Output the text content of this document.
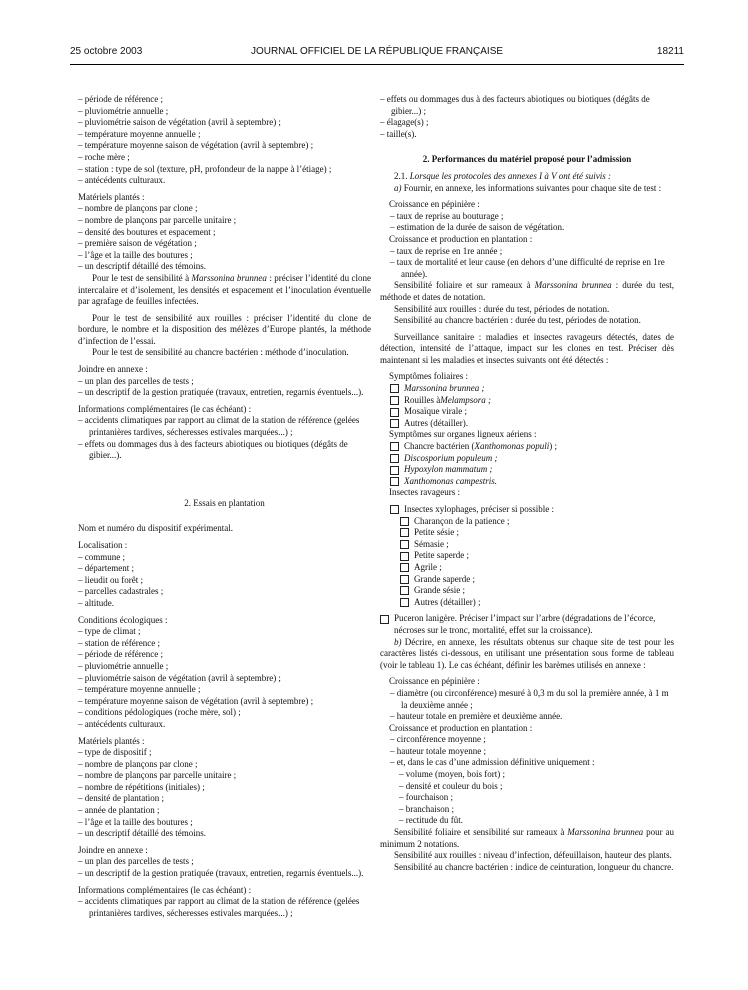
25 octobre 2003	JOURNAL OFFICIEL DE LA RÉPUBLIQUE FRANÇAISE	18211
– période de référence ;
– pluviométrie annuelle ;
– pluviométrie saison de végétation (avril à septembre) ;
– température moyenne annuelle ;
– température moyenne saison de végétation (avril à septembre) ;
– roche mère ;
– station : type de sol (texture, pH, profondeur de la nappe à l’étiage) ;
– antécédents culturaux.
Matériels plantés :
– nombre de plançons par clone ;
– nombre de plançons par parcelle unitaire ;
– densité des boutures et espacement ;
– première saison de végétation ;
– l’âge et la taille des boutures ;
– un descriptif détaillé des témoins.
Pour le test de sensibilité à Marssonina brunnea : préciser l’identité du clone intercalaire et d’isolement, les densités et espacement et l’inoculation éventuelle par agrafage de feuilles infectées.
Pour le test de sensibilité aux rouilles : préciser l’identité du clone de bordure, le nombre et la disposition des mélèzes d’Europe plantés, la méthode d’infection de l’essai.
Pour le test de sensibilité au chancre bactérien : méthode d’inoculation.
Joindre en annexe :
– un plan des parcelles de tests ;
– un descriptif de la gestion pratiquée (travaux, entretien, regarnis éventuels...).
Informations complémentaires (le cas échéant) :
– accidents climatiques par rapport au climat de la station de référence (gelées printanières tardives, sécheresses estivales marquées...) ;
– effets ou dommages dus à des facteurs abiotiques ou biotiques (dégâts de gibier...).
2. Essais en plantation
Nom et numéro du dispositif expérimental.
Localisation :
– commune ;
– département ;
– lieudit ou forêt ;
– parcelles cadastrales ;
– altitude.
Conditions écologiques :
– type de climat ;
– station de référence ;
– période de référence ;
– pluviométrie annuelle ;
– pluviométrie saison de végétation (avril à septembre) ;
– température moyenne annuelle ;
– température moyenne saison de végétation (avril à septembre) ;
– conditions pédologiques (roche mère, sol) ;
– antécédents culturaux.
Matériels plantés :
– type de dispositif ;
– nombre de plançons par clone ;
– nombre de plançons par parcelle unitaire ;
– nombre de répétitions (initiales) ;
– densité de plantation ;
– année de plantation ;
– l’âge et la taille des boutures ;
– un descriptif détaillé des témoins.
Joindre en annexe :
– un plan des parcelles de tests ;
– un descriptif de la gestion pratiquée (travaux, entretien, regarnis éventuels...).
Informations complémentaires (le cas échéant) :
– accidents climatiques par rapport au climat de la station de référence (gelées printanières tardives, sécheresses estivales marquées...) ;
– effets ou dommages dus à des facteurs abiotiques ou biotiques (dégâts de gibier...) ;
– élagage(s) ;
– taille(s).
2. Performances du matériel proposé pour l’admission
2.1. Lorsque les protocoles des annexes I à V ont été suivis :
a) Fournir, en annexe, les informations suivantes pour chaque site de test :
Croissance en pépinière :
– taux de reprise au bouturage ;
– estimation de la durée de saison de végétation.
Croissance et production en plantation :
– taux de reprise en 1re année ;
– taux de mortalité et leur cause (en dehors d’une difficulté de reprise en 1re année).
Sensibilité foliaire et sur rameaux à Marssonina brunnea : durée du test, méthode et dates de notation.
Sensibilité aux rouilles : durée du test, périodes de notation.
Sensibilité au chancre bactérien : durée du test, périodes de notation.
Surveillance sanitaire : maladies et insectes ravageurs détectés, dates de détection, intensité de l’attaque, impact sur les clones en test. Préciser dès maintenant si les maladies et insectes suivants ont été détectés :
Symptômes foliaires :
Marssonina brunnea ;
Rouilles à Melampsora ;
Mosaïque virale ;
Autres (détailler).
Symptômes sur organes ligneux aériens :
Chancre bactérien ( Xanthomonas populi ) ;
Discosporium populeum ;
Hypoxylon mammatum ;
Xanthomonas campestris.
Insectes ravageurs :
Insectes xylophages, préciser si possible :
Charançon de la patience ;
Petite sésie ;
Sémasie ;
Petite saperde ;
Agrile ;
Grande saperde ;
Grande sésie ;
Autres (détailler) ;
Puceron lanigère. Préciser l’impact sur l’arbre (dégradations de l’écorce, nécroses sur le tronc, mortalité, effet sur la croissance).
b) Décrire, en annexe, les résultats obtenus sur chaque site de test pour les caractères listés ci-dessous, en utilisant une présentation sous forme de tableau (voir le tableau 1). Le cas échéant, définir les barèmes utilisés en annexe :
Croissance en pépinière :
– diamètre (ou circonférence) mesuré à 0,3 m du sol la première année, à 1 m la deuxième année ;
– hauteur totale en première et deuxième année.
Croissance et production en plantation :
– circonférence moyenne ;
– hauteur totale moyenne ;
– et, dans le cas d’une admission définitive uniquement :
– volume (moyen, bois fort) ;
– densité et couleur du bois ;
– fourchaison ;
– branchaison ;
– rectitude du fût.
Sensibilité foliaire et sensibilité sur rameaux à Marssonina brunnea pour au minimum 2 notations.
Sensibilité aux rouilles : niveau d’infection, défeuillaison, hauteur des plants.
Sensibilité au chancre bactérien : indice de ceinturation, longueur du chancre.
